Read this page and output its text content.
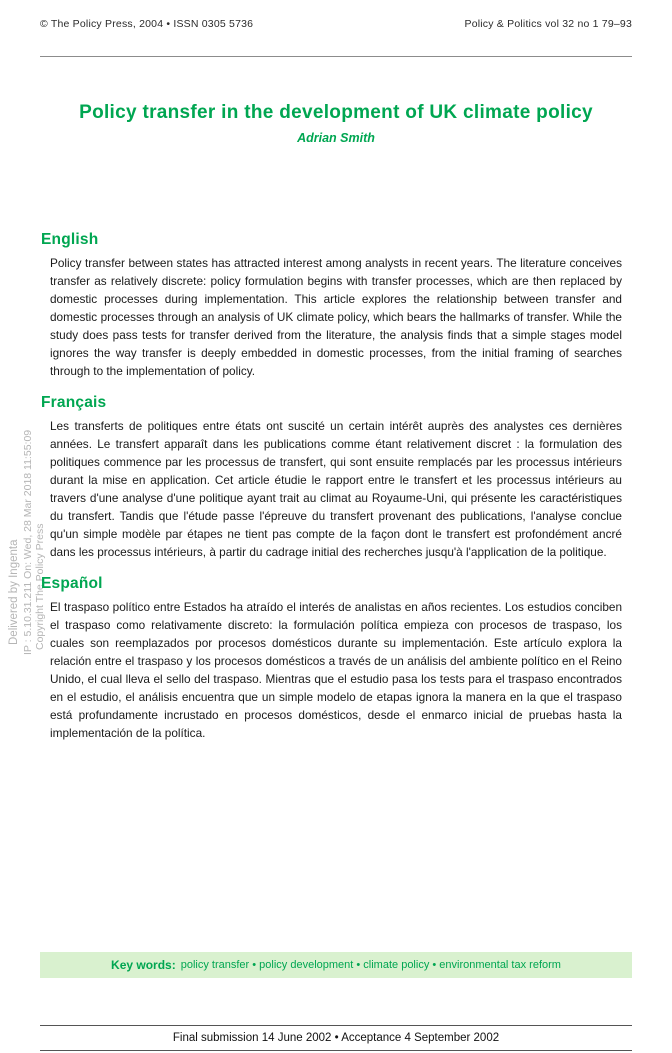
Delivered by Ingenta IP : 5.10.31.211 On: Wed, 28 Mar 2018 11:55:09 Copyright The Policy Press
© The Policy Press, 2004 • ISSN 0305 5736	Policy & Politics vol 32 no 1 79–93
Policy transfer in the development of UK climate policy
Adrian Smith
English

Policy transfer between states has attracted interest among analysts in recent years. The literature conceives transfer as relatively discrete: policy formulation begins with transfer processes, which are then replaced by domestic processes during implementation. This article explores the relationship between transfer and domestic processes through an analysis of UK climate policy, which bears the hallmarks of transfer. While the study does pass tests for transfer derived from the literature, the analysis finds that a simple stages model ignores the way transfer is deeply embedded in domestic processes, from the initial framing of searches through to the implementation of policy.

Français

Les transferts de politiques entre états ont suscité un certain intérêt auprès des analystes ces dernières années. Le transfert apparaît dans les publications comme étant relativement discret : la formulation des politiques commence par les processus de transfert, qui sont ensuite remplacés par les processus intérieurs durant la mise en application. Cet article étudie le rapport entre le transfert et les processus intérieurs au travers d'une analyse d'une politique ayant trait au climat au Royaume-Uni, qui présente les caractéristiques du transfert. Tandis que l'étude passe l'épreuve du transfert provenant des publications, l'analyse conclue qu'un simple modèle par étapes ne tient pas compte de la façon dont le transfert est profondément ancré dans les processus intérieurs, à partir du cadrage initial des recherches jusqu'à l'application de la politique.

Español

El traspaso político entre Estados ha atraído el interés de analistas en años recientes. Los estudios conciben el traspaso como relativamente discreto: la formulación política empieza con procesos de traspaso, los cuales son reemplazados por procesos domésticos durante su implementación. Este artículo explora la relación entre el traspaso y los procesos domésticos a través de un análisis del ambiente político en el Reino Unido, el cual lleva el sello del traspaso. Mientras que el estudio pasa los tests para el traspaso encontrados en el estudio, el análisis encuentra que un simple modelo de etapas ignora la manera en la que el traspaso está profundamente incrustado en procesos domésticos, desde el enmarco inicial de pruebas hasta la implementación de la política.

Key words: policy transfer • policy development • climate policy • environmental tax reform
Final submission 14 June 2002 • Acceptance 4 September 2002
